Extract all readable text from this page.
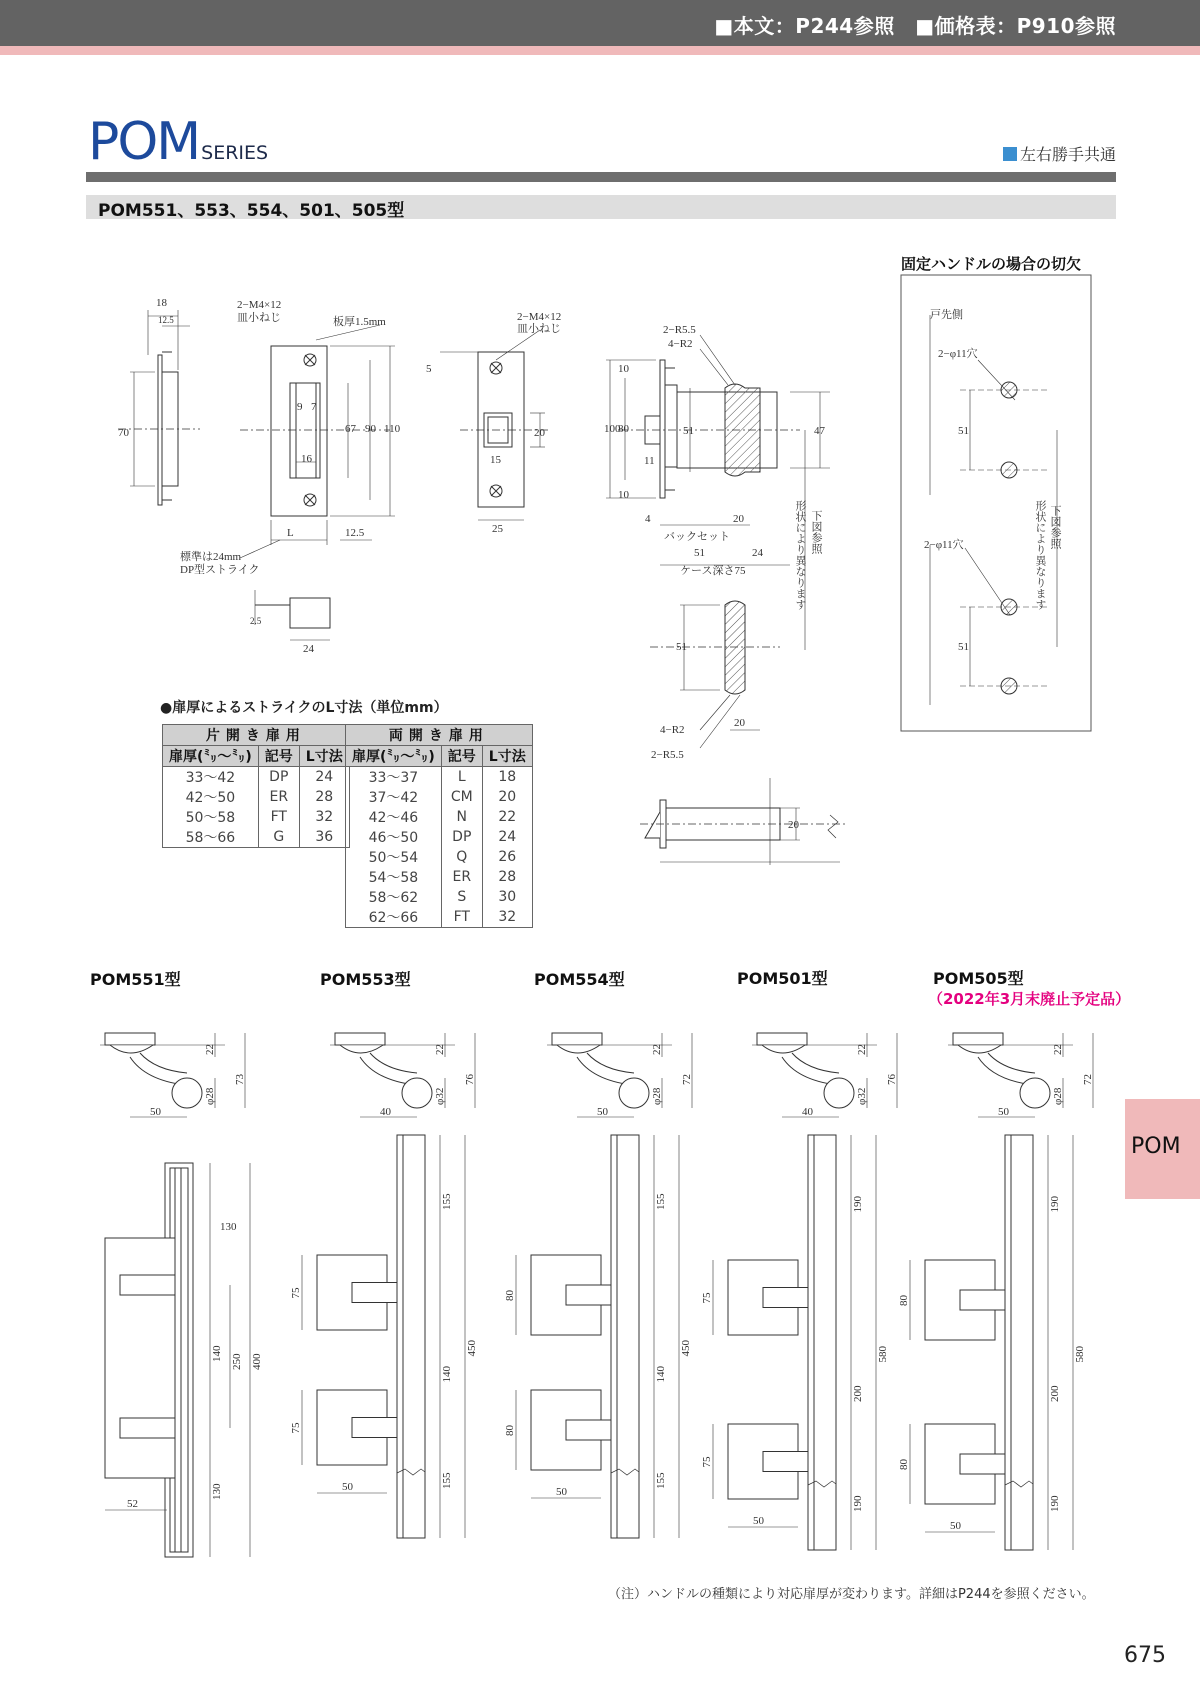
■本文：P244参照　■価格表：P910参照
POM SERIES	左右勝手共通
POM551、553、554、501、505型
固定ハンドルの場合の切欠
18
12.5
70
2−M4×12
皿小ねじ	板厚1.5mm
9 7
16
67 90 110
L	12.5
標準は24mm
DP型ストライク
2.5
24
2−M4×12
皿小ねじ
5
20
15
25
2−R5.5
4−R2
100
80
10
10
11
51	47
4	20
バックセット
51	24
ケース深さ75	形状により異なります 下図参照
51
20
4−R2
2−R5.5
20
戸先側
2−φ11穴
2−φ11穴
51
51
形状により異なります 下図参照
22
φ28
73
50
130
140
130
250 400
52
22
φ32
76
40
155
140
155
450
75
75
50
22
φ28
72
50
155
140
155
450
80
80
50
22
φ32
76
40
190
200
190
580
75
75
50
22
φ28
72
50
190
200
190
580
80
80
50
●扉厚によるストライクのL寸法（単位mm）
片開き扉用		
扉厚(㍉〜㍉)	記号	L寸法
33〜42	DP	24
42〜50	ER	28
50〜58	FT	32
58〜66	G	36
両開き扉用		
扉厚(㍉〜㍉)	記号	L寸法
33〜37	L	18
37〜42	CM	20
42〜46	N	22
46〜50	DP	24
50〜54	Q	26
54〜58	ER	28
58〜62	S	30
62〜66	FT	32
POM551型	POM553型	POM554型	POM501型	POM505型
（2022年3月末廃止予定品）
POM
（注）ハンドルの種類により対応扉厚が変わります。詳細はP244を参照ください。
675
